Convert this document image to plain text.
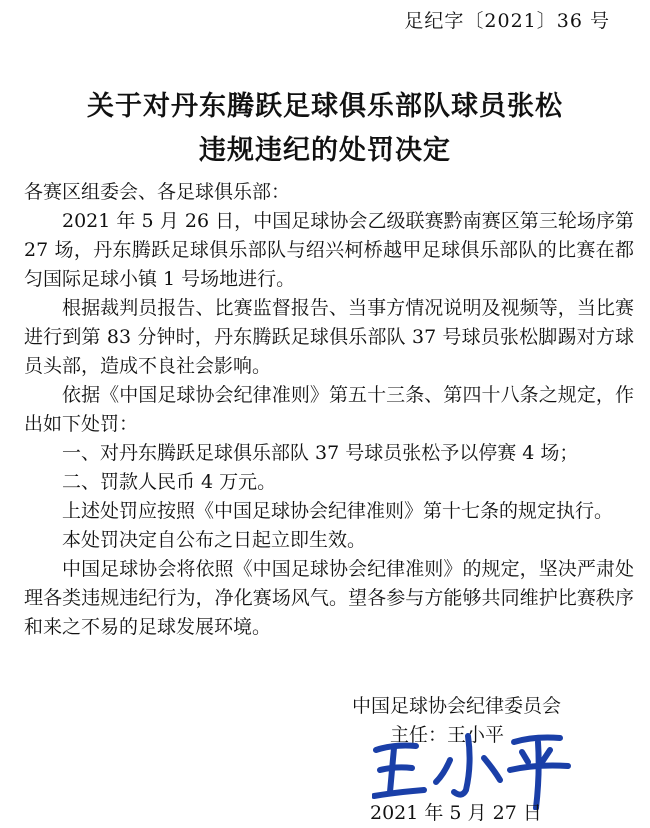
足纪字〔2021〕36 号
关于对丹东腾跃足球俱乐部队球员张松
违规违纪的处罚决定

各赛区组委会、各足球俱乐部：

2021 年 5 月 26 日，中国足球协会乙级联赛黔南赛区第三轮场序第 27 场，丹东腾跃足球俱乐部队与绍兴柯桥越甲足球俱乐部队的比赛在都匀国际足球小镇 1 号场地进行。

根据裁判员报告、比赛监督报告、当事方情况说明及视频等，当比赛进行到第 83 分钟时，丹东腾跃足球俱乐部队 37 号球员张松脚踢对方球员头部，造成不良社会影响。

依据《中国足球协会纪律准则》第五十三条、第四十八条之规定，作出如下处罚：

一、对丹东腾跃足球俱乐部队 37 号球员张松予以停赛 4 场；

二、罚款人民币 4 万元。

上述处罚应按照《中国足球协会纪律准则》第十七条的规定执行。

本处罚决定自公布之日起立即生效。

中国足球协会将依照《中国足球协会纪律准则》的规定，坚决严肃处理各类违规违纪行为，净化赛场风气。望各参与方能够共同维护比赛秩序和来之不易的足球发展环境。

中国足球协会纪律委员会
主任：王小平
2021 年 5 月 27 日
